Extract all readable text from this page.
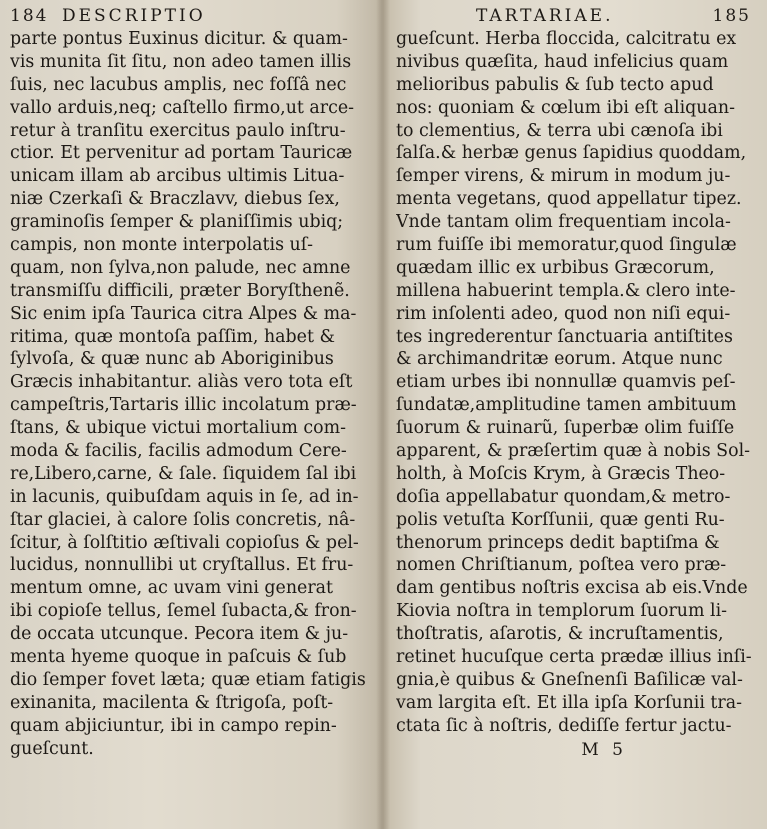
184 DESCRIPTIO
parte pontus Euxinus dicitur. & quam-
vis munita ſit ſitu, non adeo tamen illis
ſuis, nec lacubus amplis, nec foſſâ nec
vallo arduis,neq; caſtello firmo,ut arce-
retur à tranſitu exercitus paulo inſtru-
ctior. Et pervenitur ad portam Tauricæ
unicam illam ab arcibus ultimis Litua-
niæ Czerkaſi & Braczlavv, diebus ſex,
graminoſis ſemper & planiſſimis ubiq;
campis, non monte interpolatis uſ-
quam, non ſylva,non palude, nec amne
transmiſſu difficili, præter Boryſthenẽ.
Sic enim ipſa Taurica citra Alpes & ma-
ritima, quæ montoſa paſſim, habet &
ſylvoſa, & quæ nunc ab Aboriginibus
Græcis inhabitantur. aliàs vero tota eſt
campeſtris,Tartaris illic incolatum præ-
ſtans, & ubique victui mortalium com-
moda & facilis, facilis admodum Cere-
re,Libero,carne, & ſale. ſiquidem ſal ibi
in lacunis, quibuſdam aquis in ſe, ad in-
ſtar glaciei, à calore ſolis concretis, nâ-
ſcitur, à ſolſtitio æſtivali copioſus & pel-
lucidus, nonnullibi ut cryſtallus. Et fru-
mentum omne, ac uvam vini generat
ibi copioſe tellus, ſemel ſubacta,& fron-
de occata utcunque. Pecora item & ju-
menta hyeme quoque in paſcuis & ſub
dio ſemper fovet læta; quæ etiam fatigis
exinanita, macilenta & ſtrigoſa, poſt-
quam abjiciuntur, ibi in campo repin-
gueſcunt.
TARTARIAE.	185
gueſcunt. Herba floccida, calcitratu ex
nivibus quæſita, haud infelicius quam
melioribus pabulis & ſub tecto apud
nos: quoniam & cœlum ibi eſt aliquan-
to clementius, & terra ubi cænoſa ibi
ſalſa.& herbæ genus ſapidius quoddam,
ſemper virens, & mirum in modum ju-
menta vegetans, quod appellatur tipez.
Vnde tantam olim frequentiam incola-
rum fuiſſe ibi memoratur,quod ſingulæ
quædam illic ex urbibus Græcorum,
millena habuerint templa.& clero inte-
rim inſolenti adeo, quod non niſi equi-
tes ingrederentur ſanctuaria antiſtites
& archimandritæ eorum. Atque nunc
etiam urbes ibi nonnullæ quamvis peſ-
ſundatæ,amplitudine tamen ambituum
ſuorum & ruinarũ, ſuperbæ olim fuiſſe
apparent, & præſertim quæ à nobis Sol-
holth, à Moſcis Krym, à Græcis Theo-
doſia appellabatur quondam,& metro-
polis vetuſta Korſſunii, quæ genti Ru-
thenorum princeps dedit baptiſma &
nomen Chriſtianum, poſtea vero præ-
dam gentibus noſtris excisa ab eis.Vnde
Kiovia noſtra in templorum ſuorum li-
thoſtratis, aſarotis, & incruſtamentis,
retinet hucuſque certa prædæ illius inſi-
gnia,è quibus & Gneſnenſi Baſilicæ val-
vam largita eſt. Et illa ipſa Korſunii tra-
ctata ſic à noſtris, dediſſe fertur jactu-
M 5
